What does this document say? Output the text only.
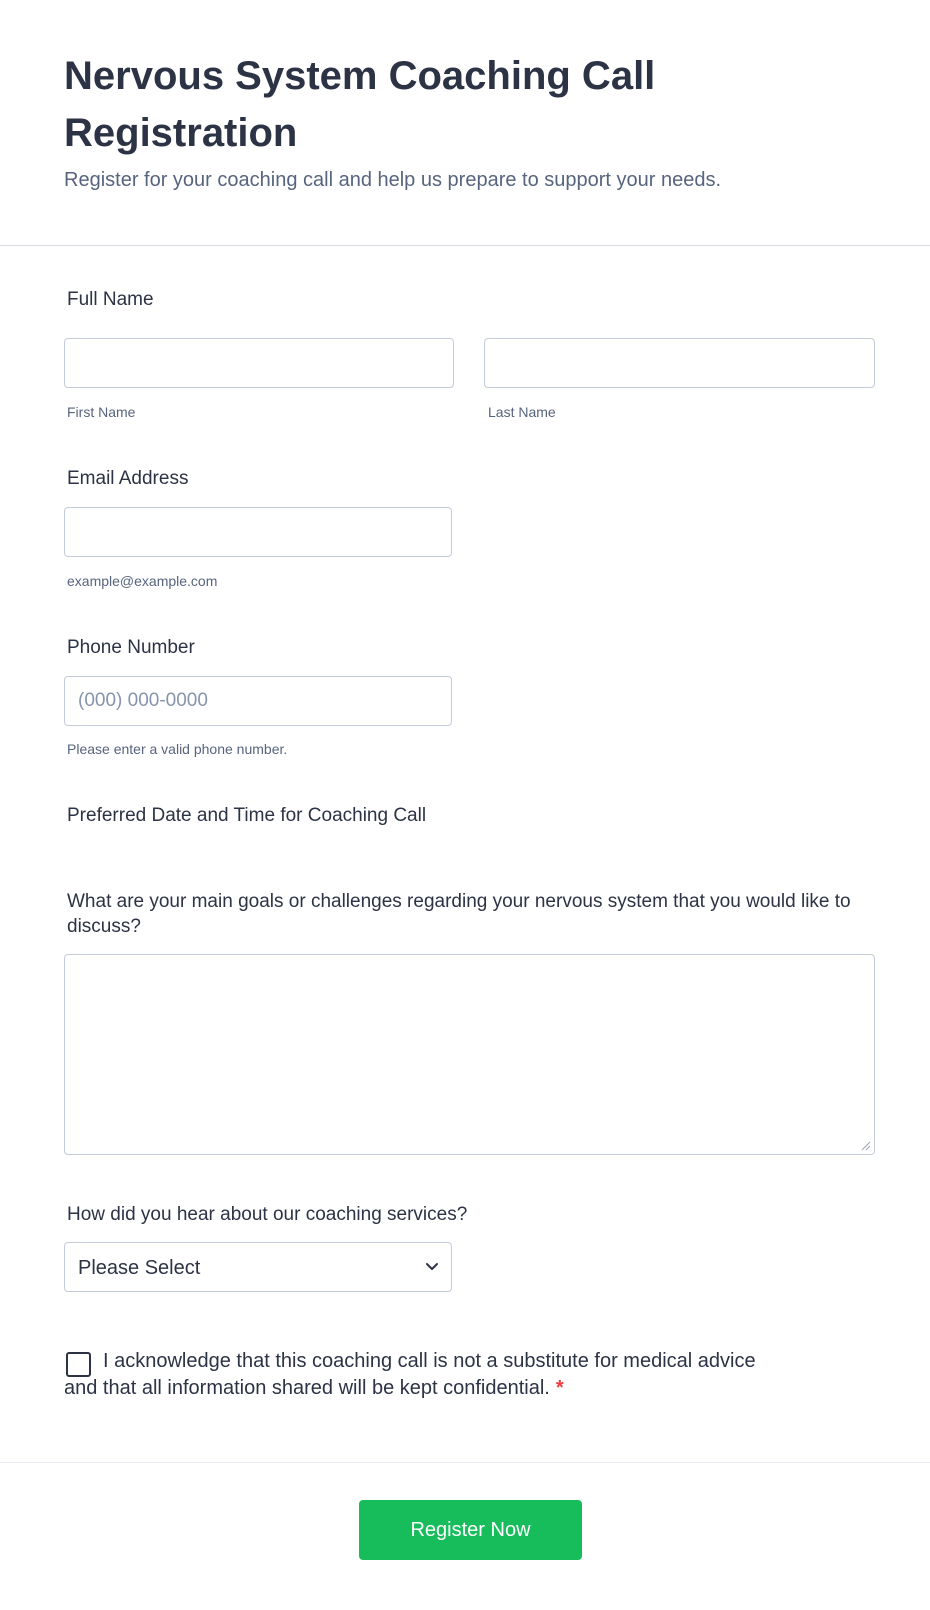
Nervous System Coaching Call Registration

Register for your coaching call and help us prepare to support your needs.

Full Name
First Name	Last Name
Email Address
example@example.com
Phone Number
(000) 000-0000
Please enter a valid phone number.
Preferred Date and Time for Coaching Call
What are your main goals or challenges regarding your nervous system that you would like to discuss?
How did you hear about our coaching services?
Please Select
I acknowledge that this coaching call is not a substitute for medical advice and that all information shared will be kept confidential. *
Register Now
